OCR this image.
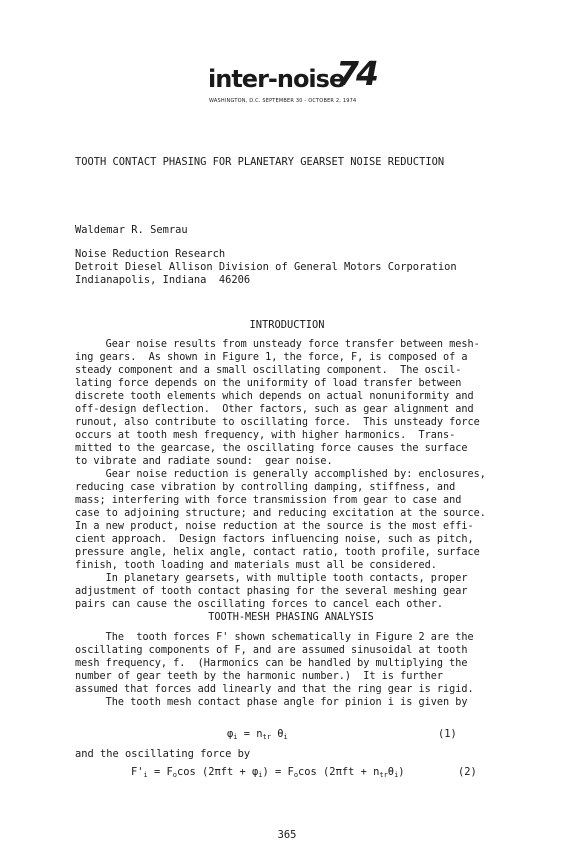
inter-noise
74
WASHINGTON, D.C. SEPTEMBER 30 - OCTOBER 2, 1974
TOOTH CONTACT PHASING FOR PLANETARY GEARSET NOISE REDUCTION
Waldemar R. Semrau
Noise Reduction Research
Detroit Diesel Allison Division of General Motors Corporation
Indianapolis, Indiana  46206
INTRODUCTION
Gear noise results from unsteady force transfer between mesh-
ing gears.  As shown in Figure 1, the force, F, is composed of a
steady component and a small oscillating component.  The oscil-
lating force depends on the uniformity of load transfer between
discrete tooth elements which depends on actual nonuniformity and
off-design deflection.  Other factors, such as gear alignment and
runout, also contribute to oscillating force.  This unsteady force
occurs at tooth mesh frequency, with higher harmonics.  Trans-
mitted to the gearcase, the oscillating force causes the surface
to vibrate and radiate sound:  gear noise.
Gear noise reduction is generally accomplished by: enclosures,
reducing case vibration by controlling damping, stiffness, and
mass; interfering with force transmission from gear to case and
case to adjoining structure; and reducing excitation at the source.
In a new product, noise reduction at the source is the most effi-
cient approach.  Design factors influencing noise, such as pitch,
pressure angle, helix angle, contact ratio, tooth profile, surface
finish, tooth loading and materials must all be considered.
In planetary gearsets, with multiple tooth contacts, proper
adjustment of tooth contact phasing for the several meshing gear
pairs can cause the oscillating forces to cancel each other.
TOOTH-MESH PHASING ANALYSIS
The  tooth forces F' shown schematically in Figure 2 are the
oscillating components of F, and are assumed sinusoidal at tooth
mesh frequency, f.  (Harmonics can be handled by multiplying the
number of gear teeth by the harmonic number.)  It is further
assumed that forces add linearly and that the ring gear is rigid.
The tooth mesh contact phase angle for pinion i is given by
$\varphi_i = n_{tr}$ $\theta_i$	(1)
and the oscillating force by
$F'_i = F_o\cos$ $(2\pi ft + \varphi_i) = F_o\cos$ $(2\pi ft + n_{tr}\theta_i)$	(2)
365
